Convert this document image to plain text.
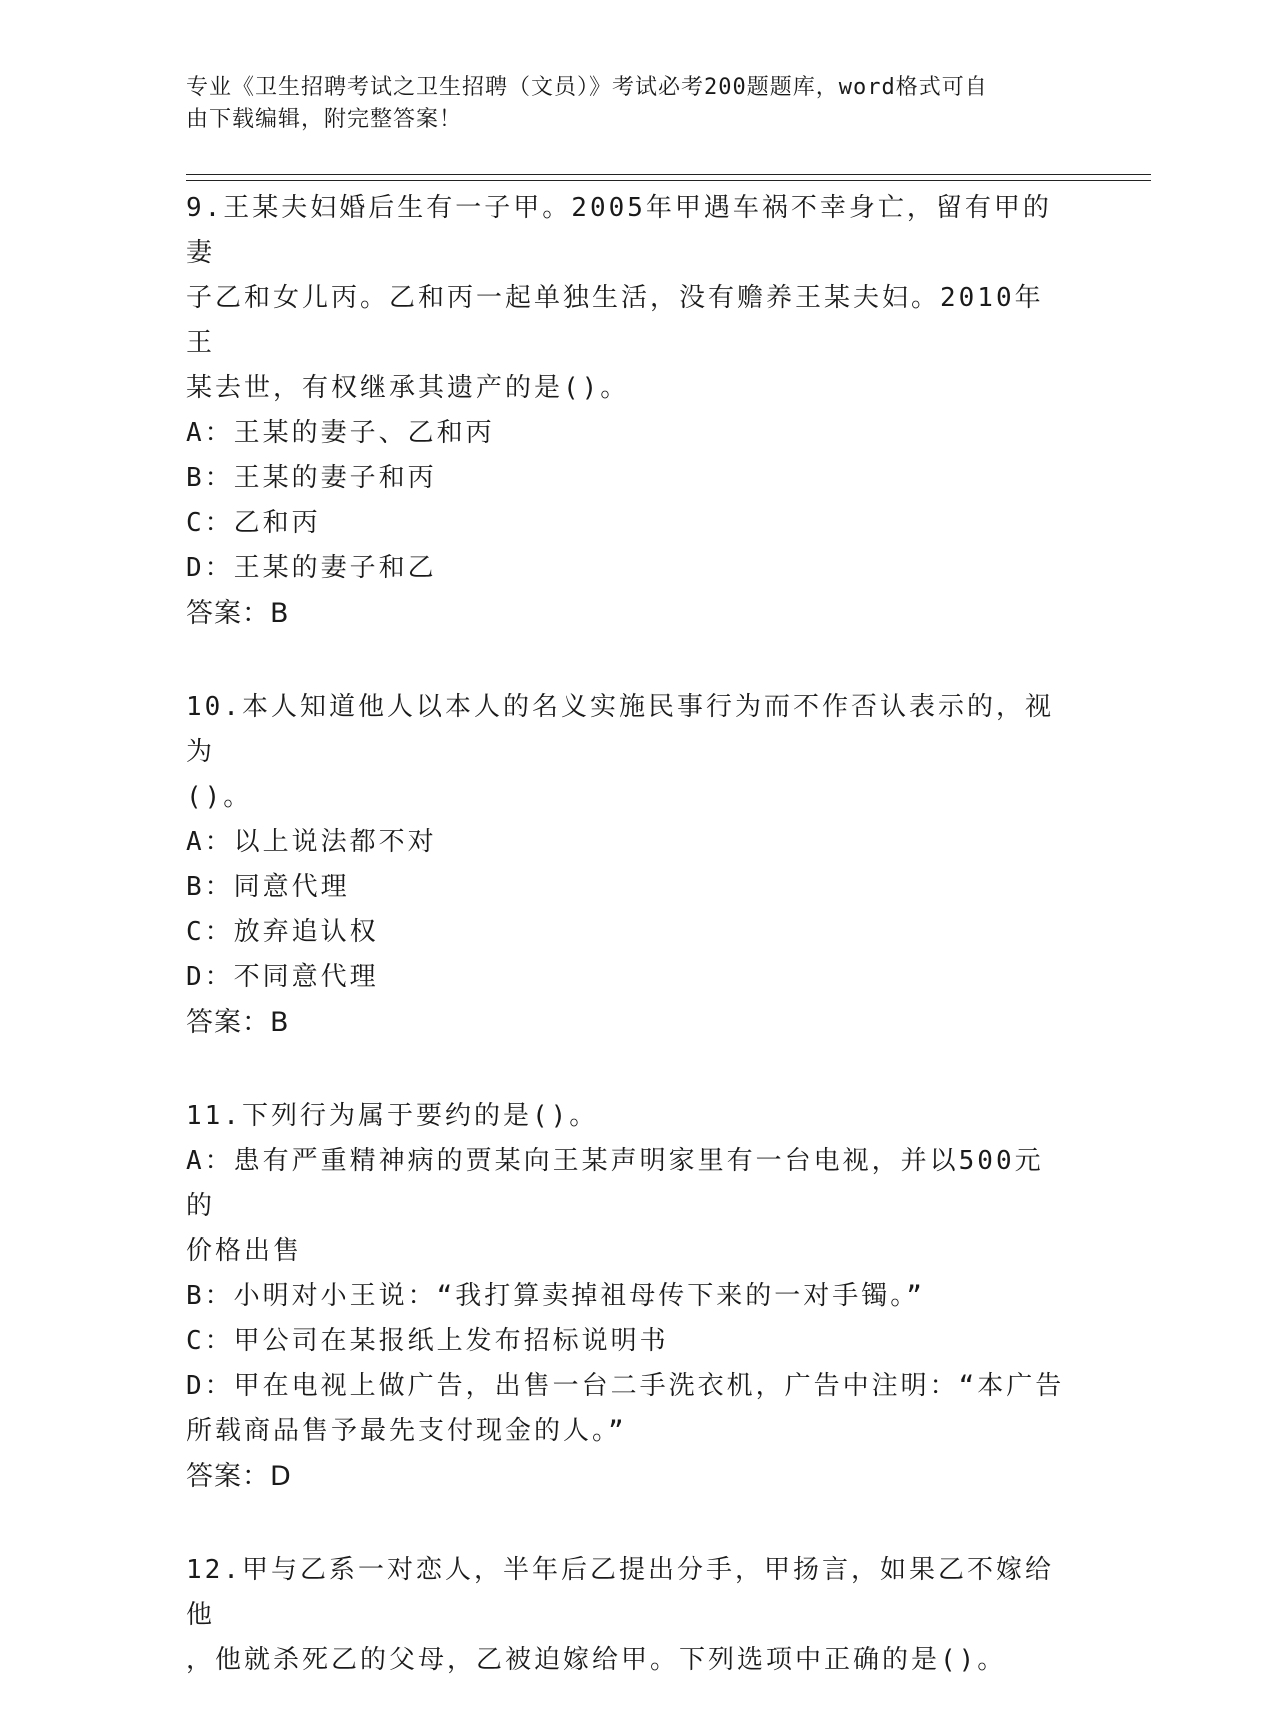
专业《卫生招聘考试之卫生招聘（文员）》考试必考200题题库，word格式可自
由下载编辑，附完整答案！

9.王某夫妇婚后生有一子甲。2005年甲遇车祸不幸身亡，留有甲的妻

子乙和女儿丙。乙和丙一起单独生活，没有赡养王某夫妇。2010年王

某去世，有权继承其遗产的是()。

A：王某的妻子、乙和丙

B：王某的妻子和丙

C：乙和丙

D：王某的妻子和乙

答案：B

10.本人知道他人以本人的名义实施民事行为而不作否认表示的，视为

()。

A：以上说法都不对

B：同意代理

C：放弃追认权

D：不同意代理

答案：B

11.下列行为属于要约的是()。

A：患有严重精神病的贾某向王某声明家里有一台电视，并以500元的

价格出售

B：小明对小王说：“我打算卖掉祖母传下来的一对手镯。”

C：甲公司在某报纸上发布招标说明书

D：甲在电视上做广告，出售一台二手洗衣机，广告中注明：“本广告

所载商品售予最先支付现金的人。”

答案：D

12.甲与乙系一对恋人，半年后乙提出分手，甲扬言，如果乙不嫁给他

，他就杀死乙的父母，乙被迫嫁给甲。下列选项中正确的是()。
